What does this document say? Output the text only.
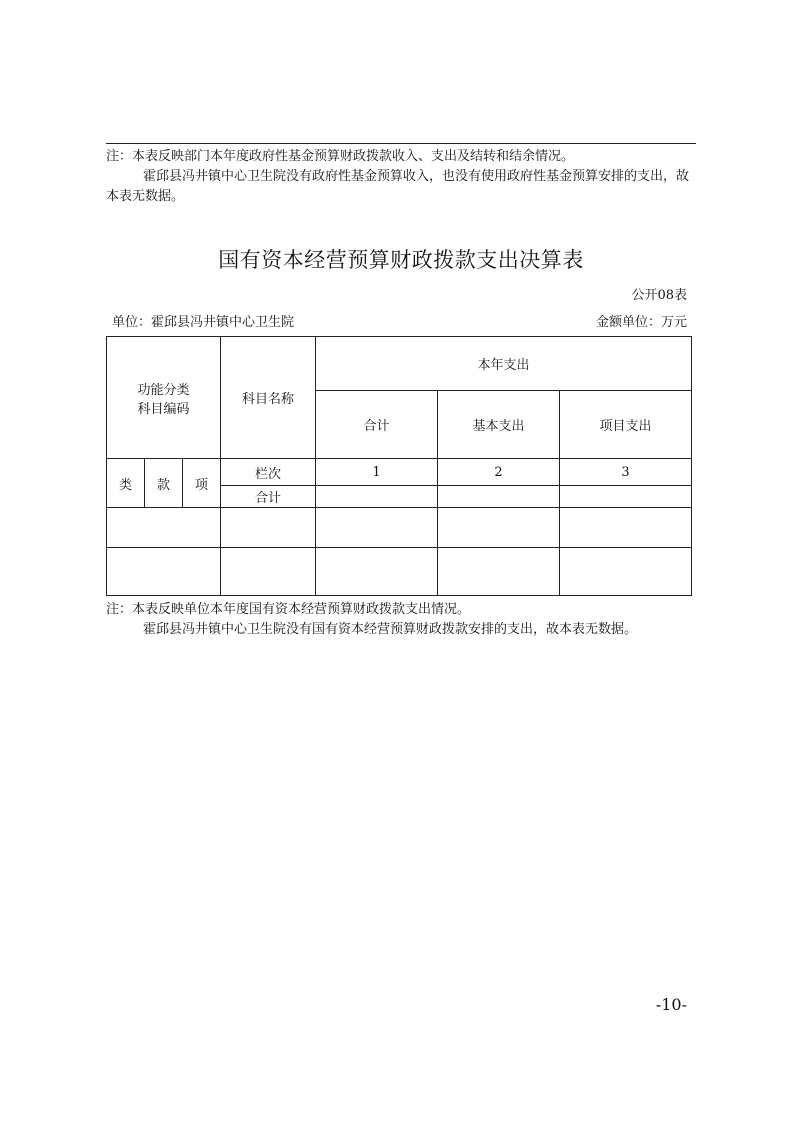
注：本表反映部门本年度政府性基金预算财政拨款收入、支出及结转和结余情况。
霍邱县冯井镇中心卫生院没有政府性基金预算收入，也没有使用政府性基金预算安排的支出，故本表无数据。
国有资本经营预算财政拨款支出决算表
公开08表
单位：霍邱县冯井镇中心卫生院	金额单位：万元
功能分类
科目编码			科目名称	本年支出		
				合计	基本支出	项目支出
类	款	项	栏次	1	2	3
			合计			

注：本表反映单位本年度国有资本经营预算财政拨款支出情况。
霍邱县冯井镇中心卫生院没有国有资本经营预算财政拨款安排的支出，故本表无数据。
-10-
